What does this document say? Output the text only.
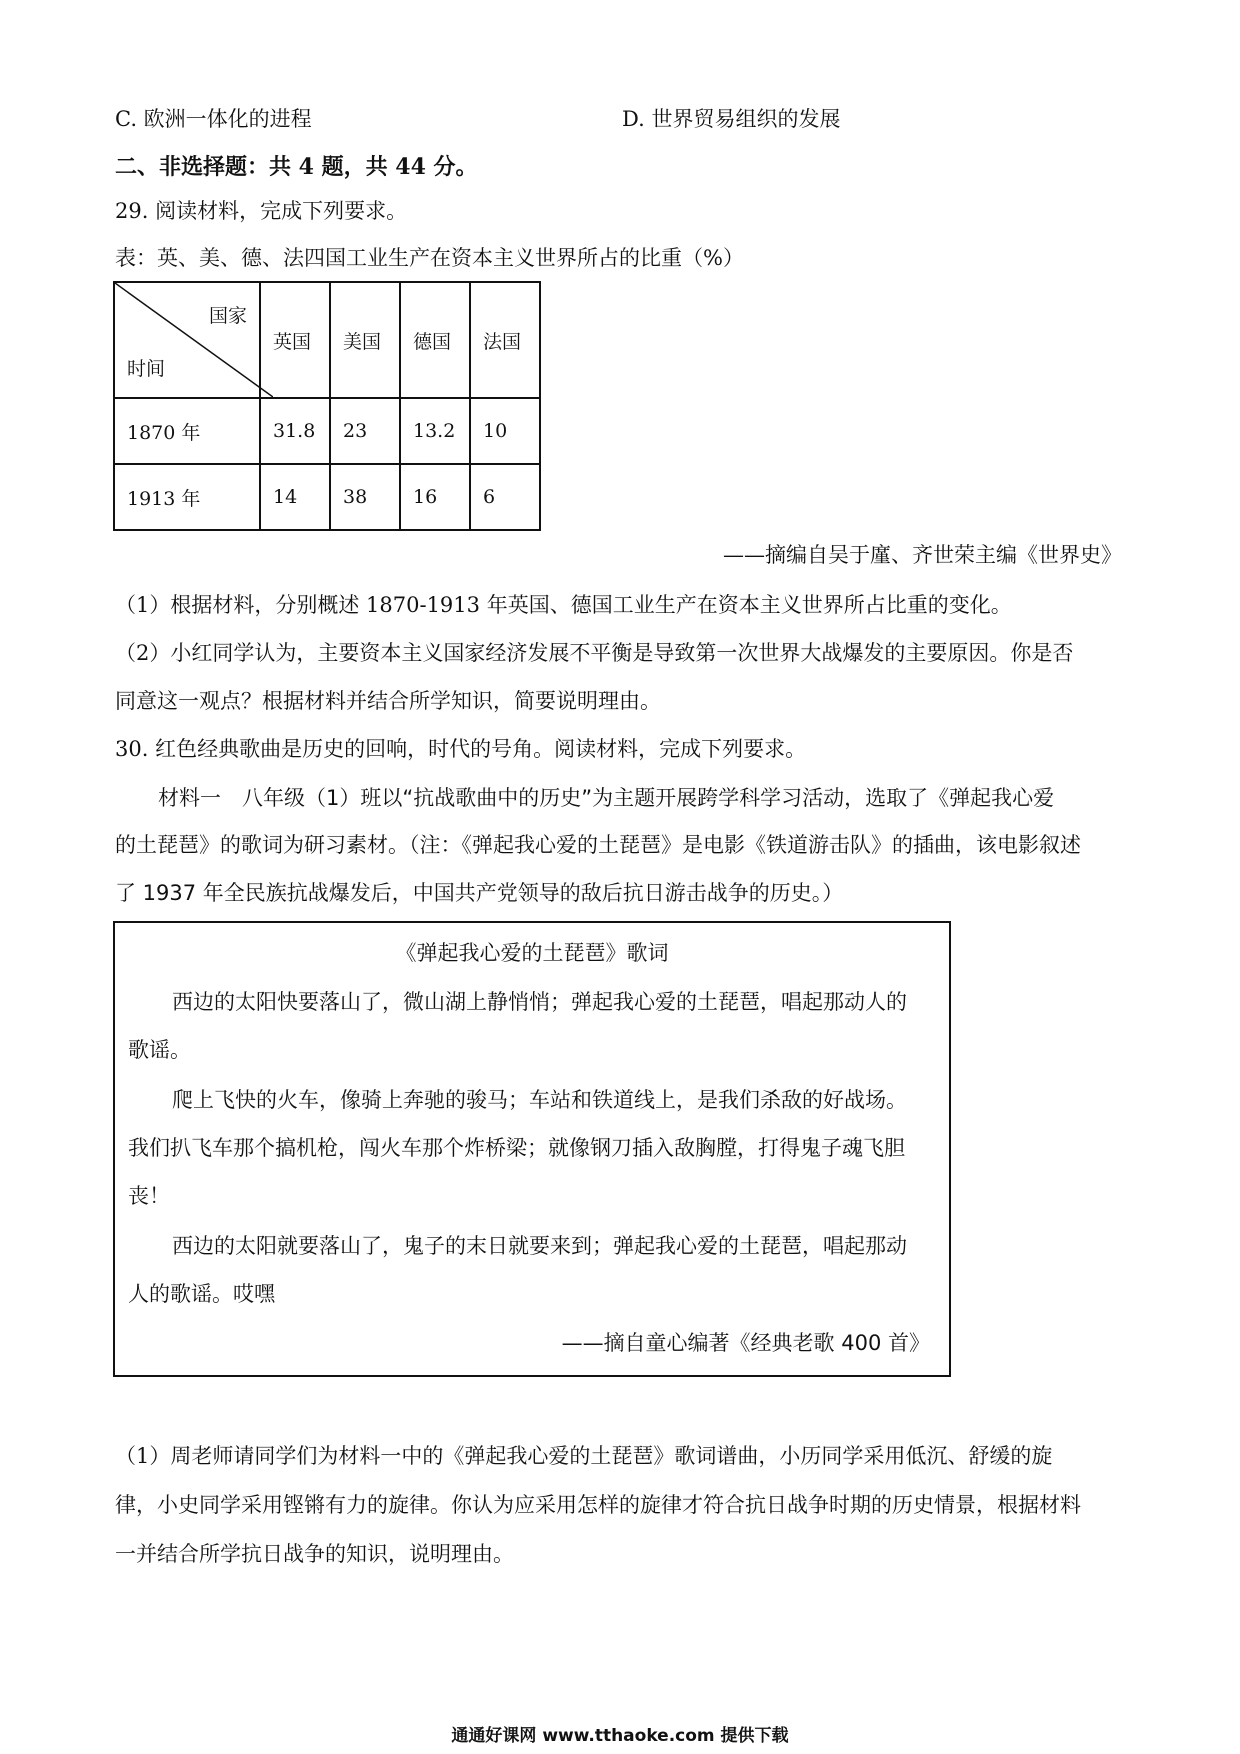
C. 欧洲一体化的进程	D. 世界贸易组织的发展
二、非选择题：共 4 题，共 44 分。
29. 阅读材料，完成下列要求。
表：英、美、德、法四国工业生产在资本主义世界所占的比重（%）
国家
时间	英国	美国	德国	法国
1870 年	31.8	23	13.2	10
1913 年	14	38	16	6
——摘编自吴于廑、齐世荣主编《世界史》
（1）根据材料，分别概述 1870-1913 年英国、德国工业生产在资本主义世界所占比重的变化。
（2）小红同学认为，主要资本主义国家经济发展不平衡是导致第一次世界大战爆发的主要原因。你是否
同意这一观点？根据材料并结合所学知识，简要说明理由。
30. 红色经典歌曲是历史的回响，时代的号角。阅读材料，完成下列要求。
材料一　八年级（1）班以“抗战歌曲中的历史”为主题开展跨学科学习活动，选取了《弹起我心爱
的土琵琶》的歌词为研习素材。（注：《弹起我心爱的土琵琶》是电影《铁道游击队》的插曲，该电影叙述
了 1937 年全民族抗战爆发后，中国共产党领导的敌后抗日游击战争的历史。）
《弹起我心爱的土琵琶》歌词
西边的太阳快要落山了，微山湖上静悄悄；弹起我心爱的土琵琶，唱起那动人的
歌谣。
爬上飞快的火车，像骑上奔驰的骏马；车站和铁道线上，是我们杀敌的好战场。
我们扒飞车那个搞机枪，闯火车那个炸桥梁；就像钢刀插入敌胸膛，打得鬼子魂飞胆
丧！
西边的太阳就要落山了，鬼子的末日就要来到；弹起我心爱的土琵琶，唱起那动
人的歌谣。哎嘿
——摘自童心编著《经典老歌 400 首》
（1）周老师请同学们为材料一中的《弹起我心爱的土琵琶》歌词谱曲，小历同学采用低沉、舒缓的旋
律，小史同学采用铿锵有力的旋律。你认为应采用怎样的旋律才符合抗日战争时期的历史情景，根据材料
一并结合所学抗日战争的知识，说明理由。
通通好课网 www.tthaoke.com 提供下载
